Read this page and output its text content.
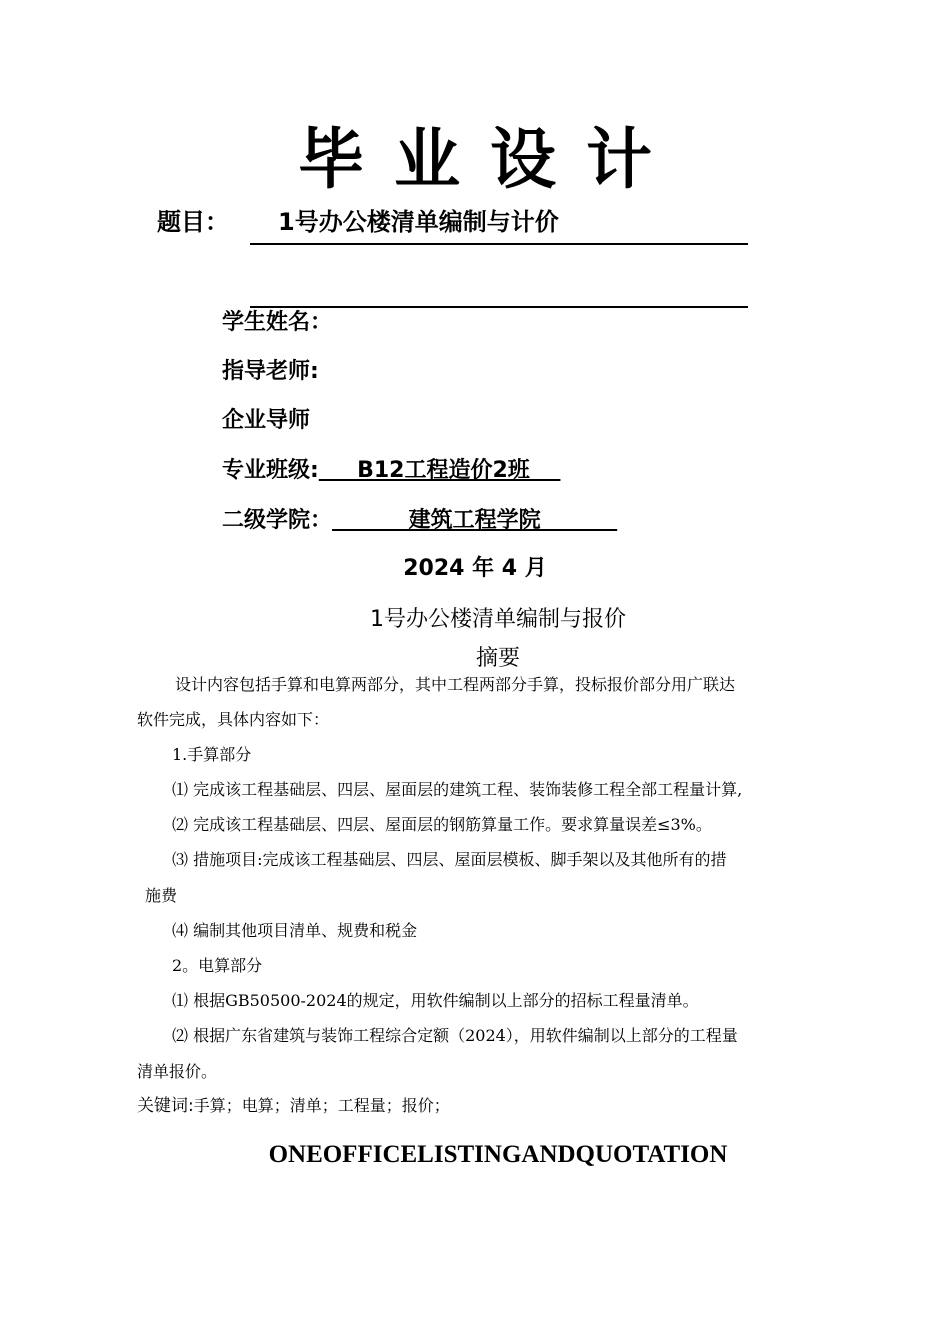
毕业设计
题目： 1号办公楼清单编制与计价
学生姓名：
指导老师:
企业导师
专业班级:     B12工程造价2班
二级学院：          建筑工程学院
2024 年 4 月
1号办公楼清单编制与报价
摘要
设计内容包括手算和电算两部分，其中工程两部分手算，投标报价部分用广联达
软件完成，具体内容如下：
1.手算部分
⑴ 完成该工程基础层、四层、屋面层的建筑工程、装饰装修工程全部工程量计算,
⑵ 完成该工程基础层、四层、屋面层的钢筋算量工作。要求算量误差≤3%。
⑶ 措施项目:完成该工程基础层、四层、屋面层模板、脚手架以及其他所有的措
施费
⑷ 编制其他项目清单、规费和税金
2。电算部分
⑴ 根据GB50500-2024的规定，用软件编制以上部分的招标工程量清单。
⑵ 根据广东省建筑与装饰工程综合定额（2024），用软件编制以上部分的工程量
清单报价。
关键词:手算；电算；清单；工程量；报价；
ONEOFFICELISTINGANDQUOTATION
